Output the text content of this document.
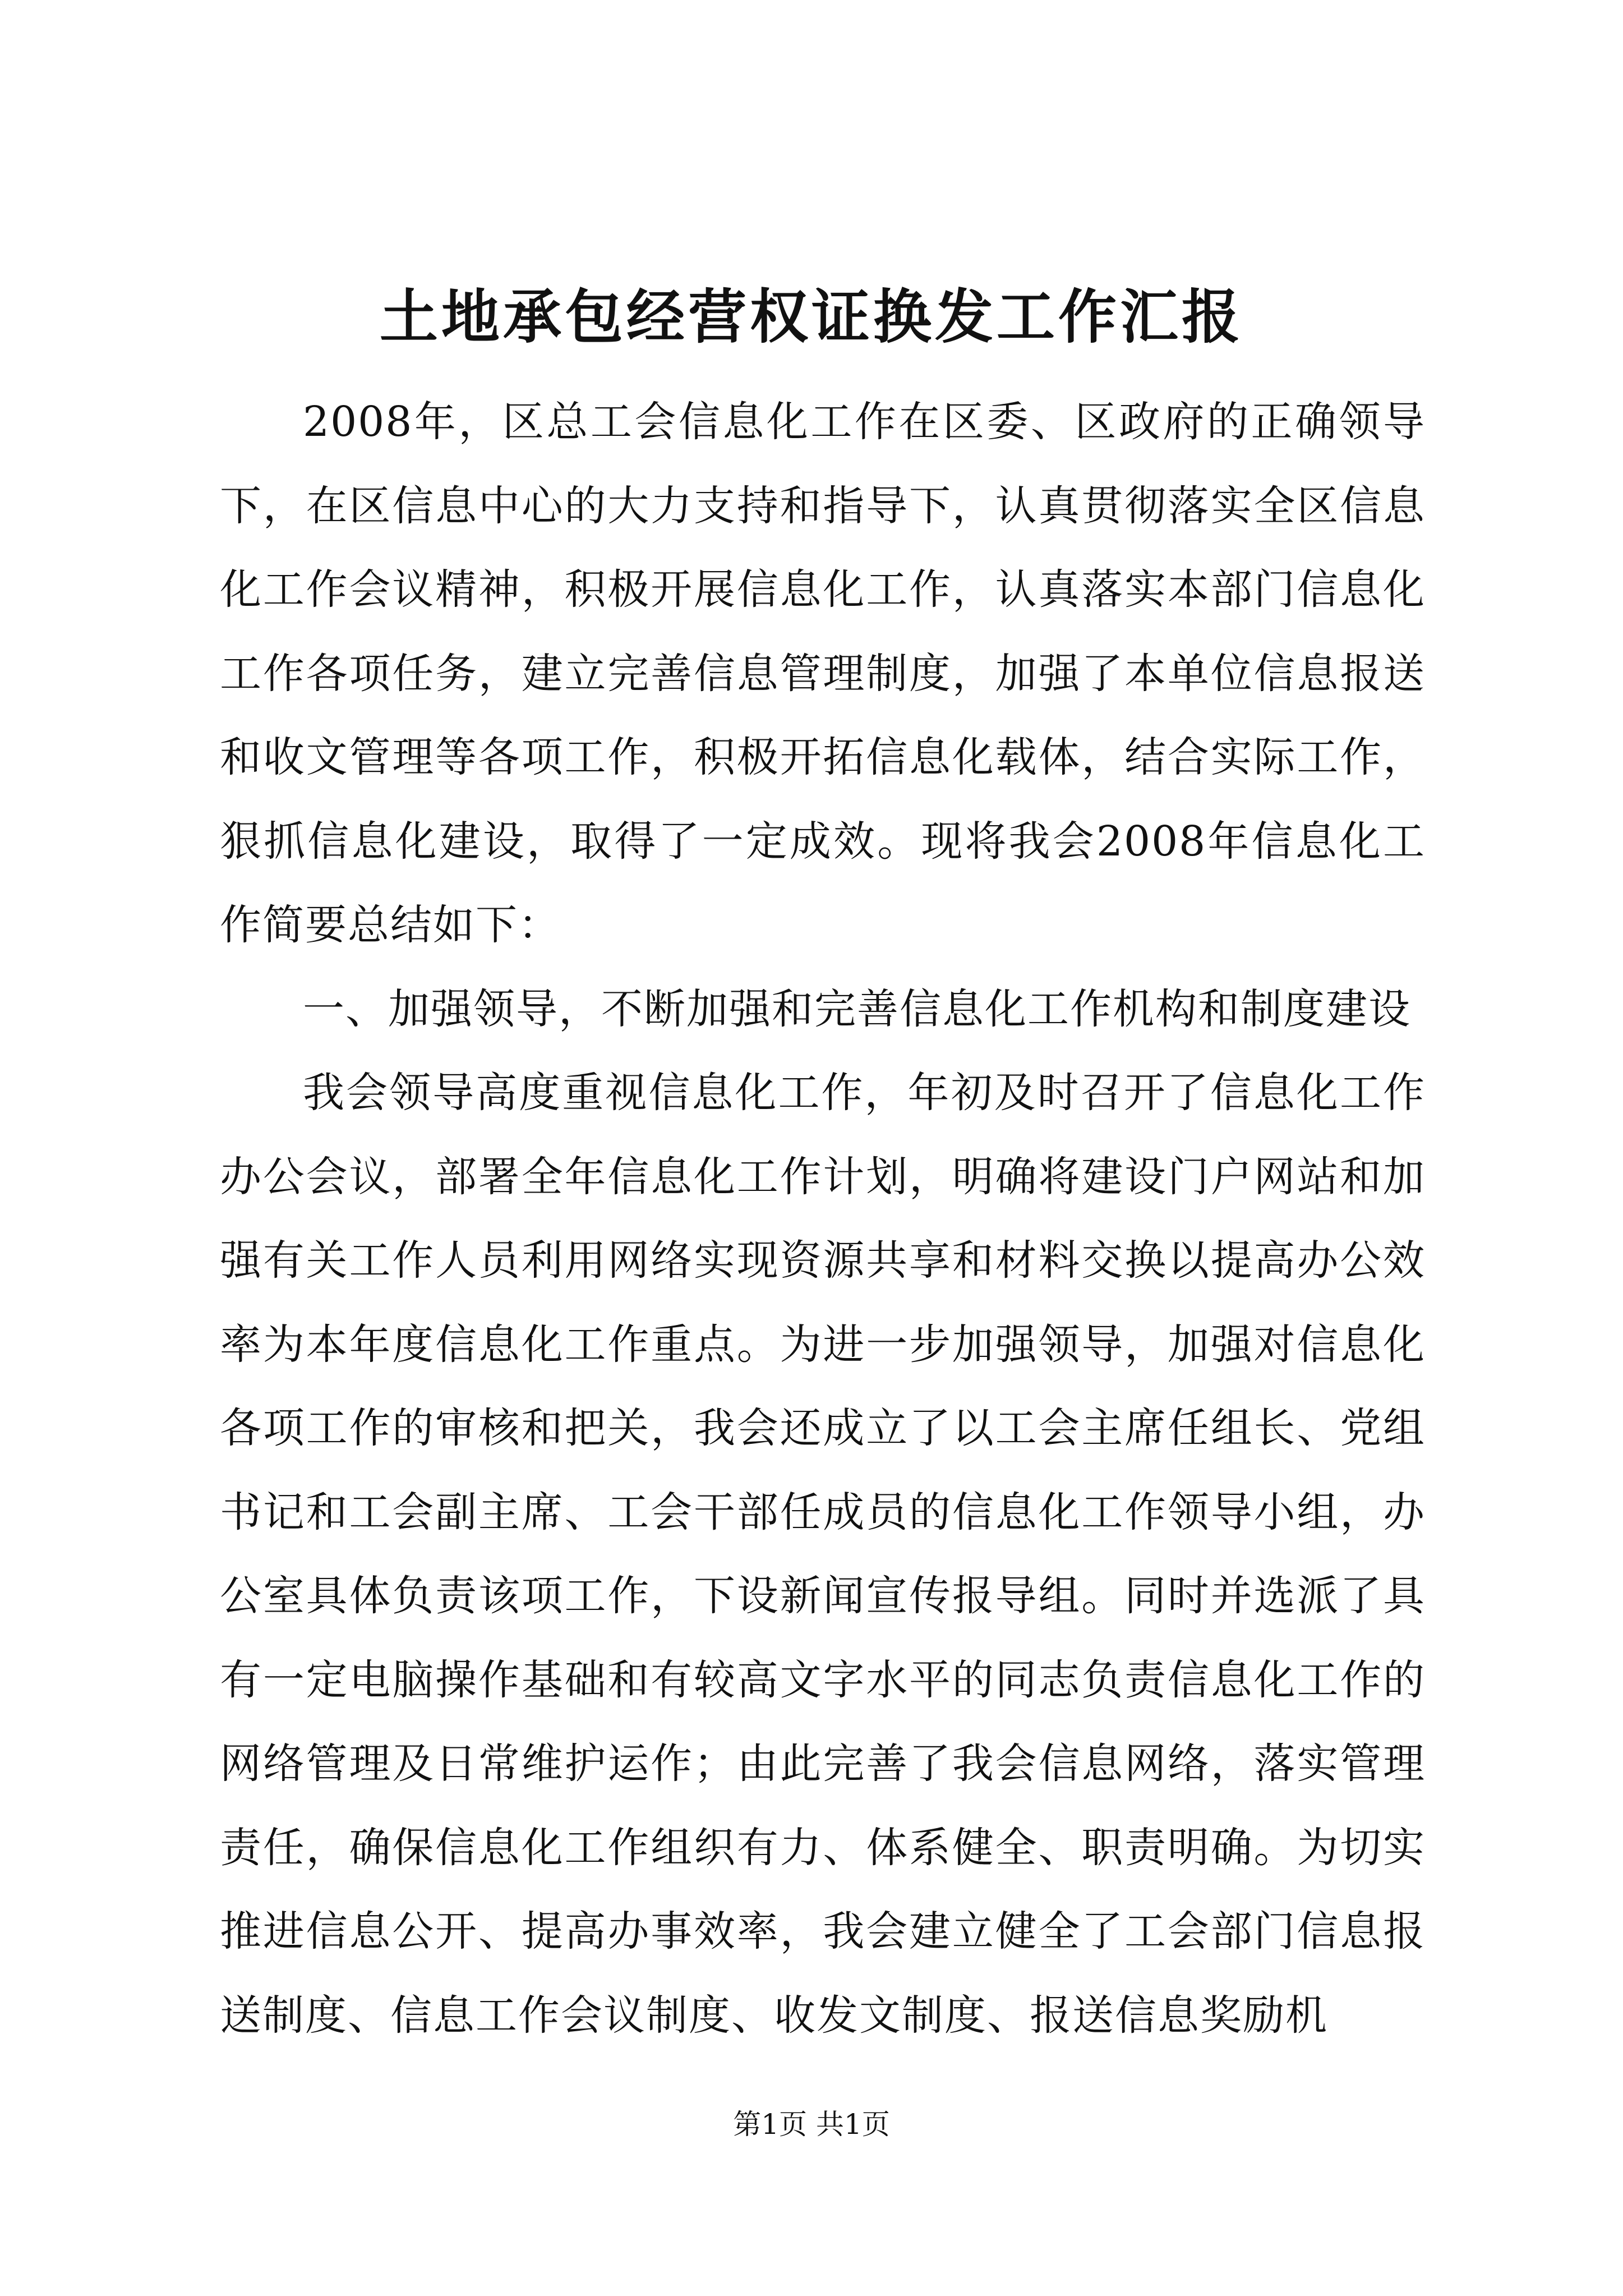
土地承包经营权证换发工作汇报

2008年，区总工会信息化工作在区委、区政府的正确领导下，在区信息中心的大力支持和指导下，认真贯彻落实全区信息化工作会议精神，积极开展信息化工作，认真落实本部门信息化工作各项任务，建立完善信息管理制度，加强了本单位信息报送和收文管理等各项工作，积极开拓信息化载体，结合实际工作，狠抓信息化建设，取得了一定成效。现将我会2008年信息化工作简要总结如下：

一、加强领导，不断加强和完善信息化工作机构和制度建设

我会领导高度重视信息化工作，年初及时召开了信息化工作办公会议，部署全年信息化工作计划，明确将建设门户网站和加强有关工作人员利用网络实现资源共享和材料交换以提高办公效率为本年度信息化工作重点。为进一步加强领导，加强对信息化各项工作的审核和把关，我会还成立了以工会主席任组长、党组书记和工会副主席、工会干部任成员的信息化工作领导小组，办公室具体负责该项工作，下设新闻宣传报导组。同时并选派了具有一定电脑操作基础和有较高文字水平的同志负责信息化工作的网络管理及日常维护运作；由此完善了我会信息网络，落实管理责任，确保信息化工作组织有力、体系健全、职责明确。为切实推进信息公开、提高办事效率，我会建立健全了工会部门信息报送制度、信息工作会议制度、收发文制度、报送信息奖励机

第1页 共1页
